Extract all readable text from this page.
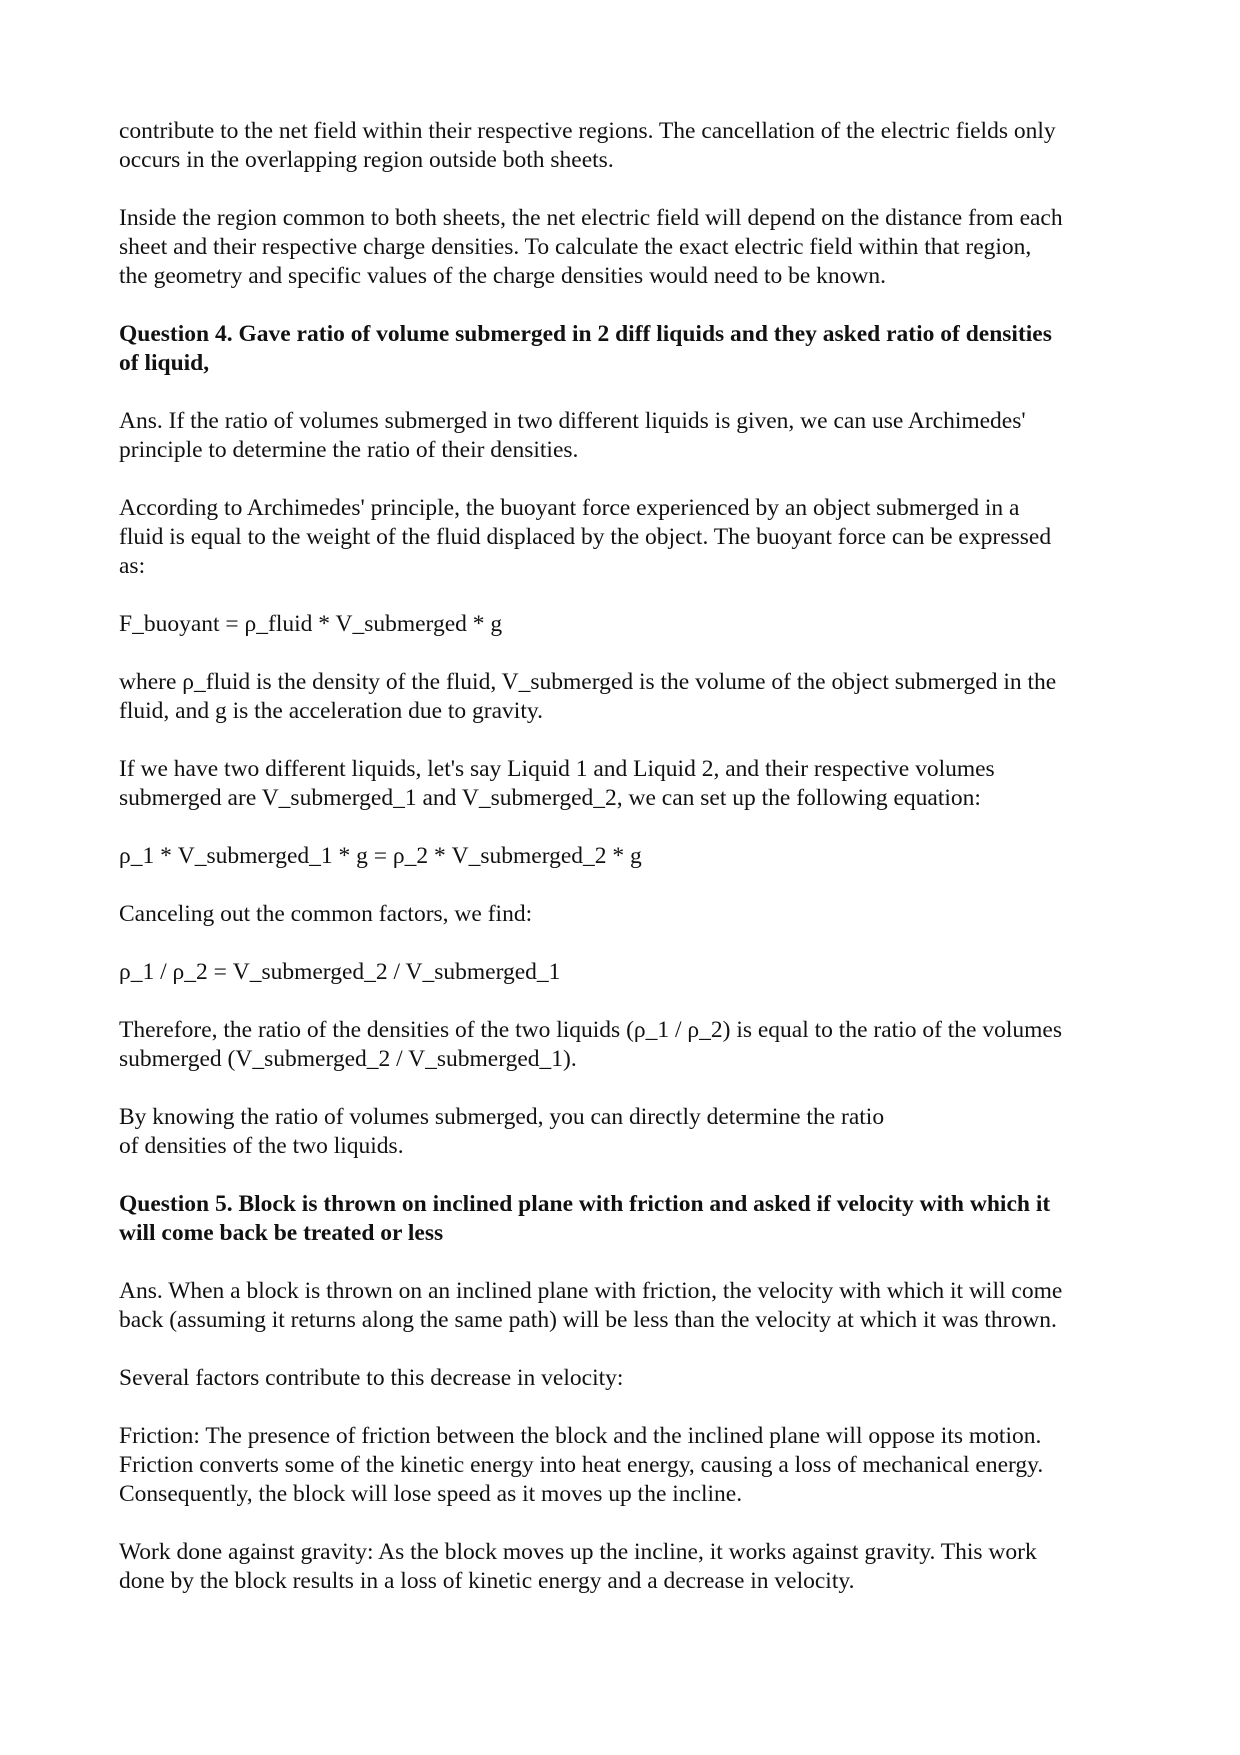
contribute to the net field within their respective regions. The cancellation of the electric fields only
occurs in the overlapping region outside both sheets.

Inside the region common to both sheets, the net electric field will depend on the distance from each
sheet and their respective charge densities. To calculate the exact electric field within that region,
the geometry and specific values of the charge densities would need to be known.

Question 4. Gave ratio of volume submerged in 2 diff liquids and they asked ratio of densities
of liquid,

Ans. If the ratio of volumes submerged in two different liquids is given, we can use Archimedes'
principle to determine the ratio of their densities.

According to Archimedes' principle, the buoyant force experienced by an object submerged in a
fluid is equal to the weight of the fluid displaced by the object. The buoyant force can be expressed
as:

F_buoyant = ρ_fluid * V_submerged * g

where ρ_fluid is the density of the fluid, V_submerged is the volume of the object submerged in the
fluid, and g is the acceleration due to gravity.

If we have two different liquids, let's say Liquid 1 and Liquid 2, and their respective volumes
submerged are V_submerged_1 and V_submerged_2, we can set up the following equation:

ρ_1 * V_submerged_1 * g = ρ_2 * V_submerged_2 * g

Canceling out the common factors, we find:

ρ_1 / ρ_2 = V_submerged_2 / V_submerged_1

Therefore, the ratio of the densities of the two liquids (ρ_1 / ρ_2) is equal to the ratio of the volumes
submerged (V_submerged_2 / V_submerged_1).

By knowing the ratio of volumes submerged, you can directly determine the ratio
of densities of the two liquids.

Question 5. Block is thrown on inclined plane with friction and asked if velocity with which it
will come back be treated or less

Ans. When a block is thrown on an inclined plane with friction, the velocity with which it will come
back (assuming it returns along the same path) will be less than the velocity at which it was thrown.

Several factors contribute to this decrease in velocity:

Friction: The presence of friction between the block and the inclined plane will oppose its motion.
Friction converts some of the kinetic energy into heat energy, causing a loss of mechanical energy.
Consequently, the block will lose speed as it moves up the incline.

Work done against gravity: As the block moves up the incline, it works against gravity. This work
done by the block results in a loss of kinetic energy and a decrease in velocity.
